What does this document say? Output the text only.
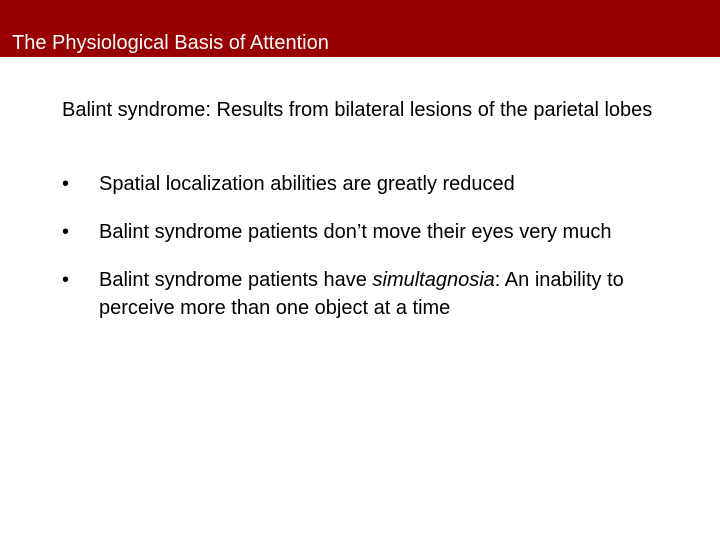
The Physiological Basis of Attention
Balint syndrome: Results from bilateral lesions of the parietal lobes
• Spatial localization abilities are greatly reduced
• Balint syndrome patients don’t move their eyes very much
• Balint syndrome patients have simultagnosia: An inability to perceive more than one object at a time
